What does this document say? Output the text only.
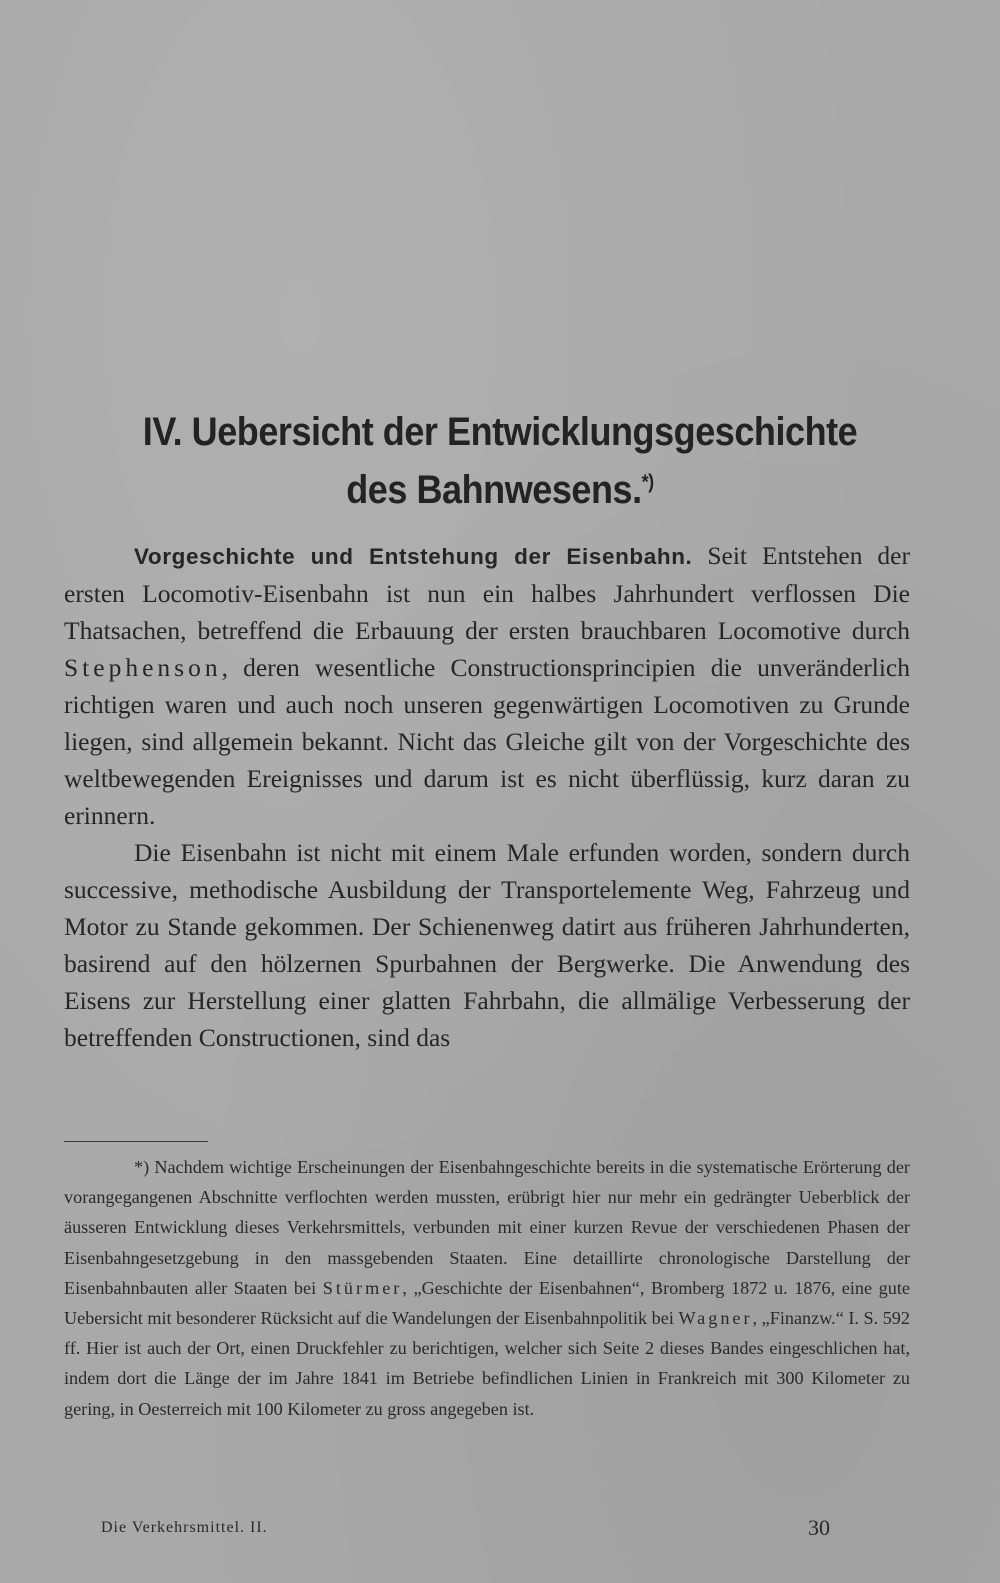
IV. Uebersicht der Entwicklungsgeschichte
des Bahnwesens.*)

Vorgeschichte und Entstehung der Eisenbahn. Seit Entstehen der ersten Locomotiv-Eisenbahn ist nun ein halbes Jahrhundert verflossen Die Thatsachen, betreffend die Erbauung der ersten brauchbaren Locomotive durch Stephenson, deren wesentliche Constructionsprincipien die unveränderlich richtigen waren und auch noch unseren gegenwärtigen Locomotiven zu Grunde liegen, sind allgemein bekannt. Nicht das Gleiche gilt von der Vorgeschichte des weltbewegenden Ereignisses und darum ist es nicht überflüssig, kurz daran zu erinnern.

Die Eisenbahn ist nicht mit einem Male erfunden worden, sondern durch successive, methodische Ausbildung der Transportelemente Weg, Fahrzeug und Motor zu Stande gekommen. Der Schienenweg datirt aus früheren Jahrhunderten, basirend auf den hölzernen Spurbahnen der Bergwerke. Die Anwendung des Eisens zur Herstellung einer glatten Fahrbahn, die allmälige Verbesserung der betreffenden Constructionen, sind das

*) Nachdem wichtige Erscheinungen der Eisenbahngeschichte bereits in die systematische Erörterung der vorangegangenen Abschnitte verflochten werden mussten, erübrigt hier nur mehr ein gedrängter Ueberblick der äusseren Entwicklung dieses Verkehrsmittels, verbunden mit einer kurzen Revue der verschiedenen Phasen der Eisenbahngesetzgebung in den massgebenden Staaten. Eine detaillirte chronologische Darstellung der Eisenbahnbauten aller Staaten bei Stürmer, „Geschichte der Eisenbahnen“, Bromberg 1872 u. 1876, eine gute Uebersicht mit besonderer Rücksicht auf die Wandelungen der Eisenbahnpolitik bei Wagner, „Finanzw.“ I. S. 592 ff. Hier ist auch der Ort, einen Druckfehler zu berichtigen, welcher sich Seite 2 dieses Bandes eingeschlichen hat, indem dort die Länge der im Jahre 1841 im Betriebe befindlichen Linien in Frankreich mit 300 Kilometer zu gering, in Oesterreich mit 100 Kilometer zu gross angegeben ist.

Die Verkehrsmittel. II.	30
